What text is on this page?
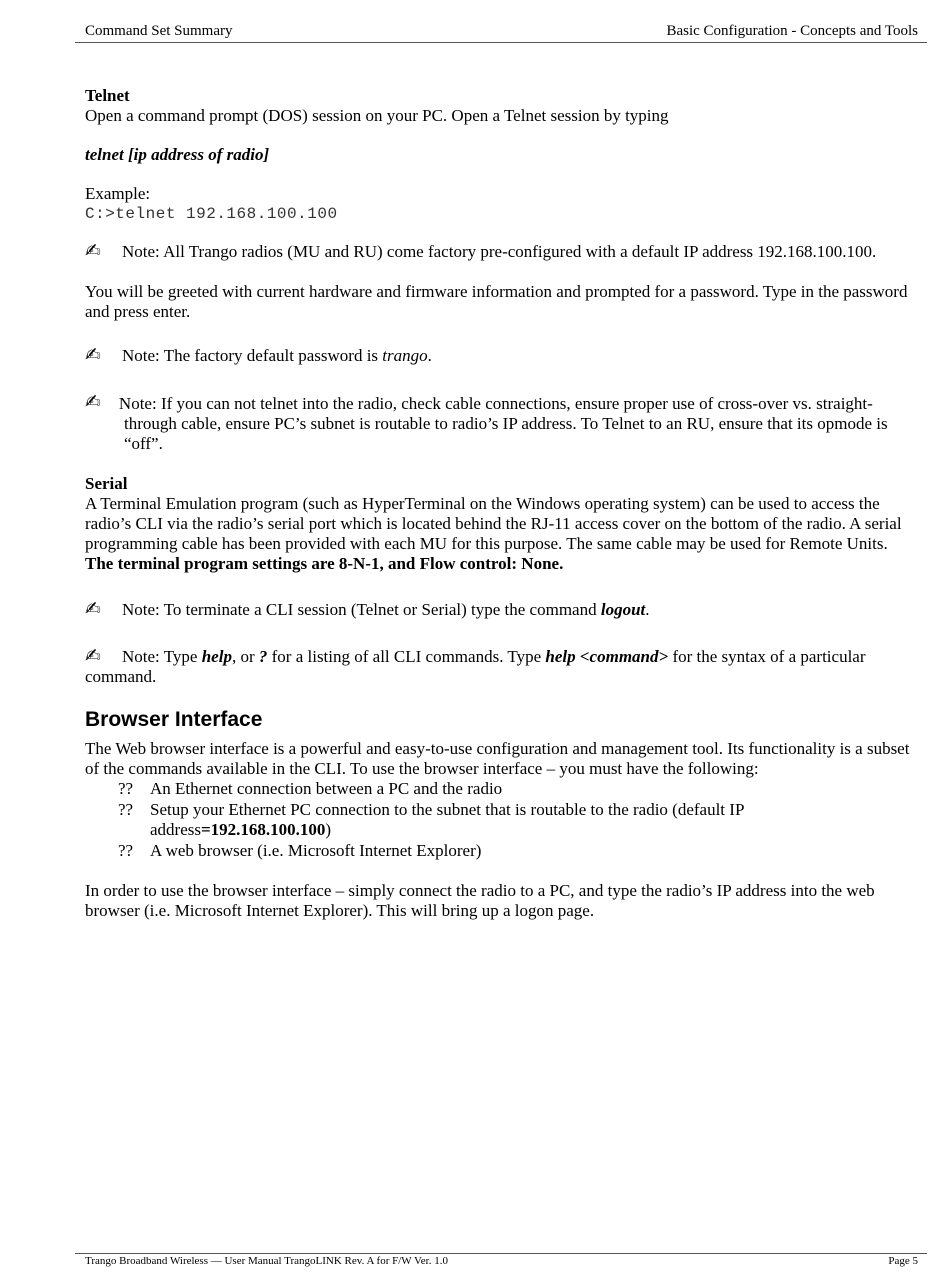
Command Set Summary	Basic Configuration - Concepts and Tools

Telnet

Open a command prompt (DOS) session on your PC. Open a Telnet session by typing

telnet [ip address of radio]

Example:

C:>telnet 192.168.100.100

✍ Note: All Trango radios (MU and RU) come factory pre-configured with a default IP address 192.168.100.100.

You will be greeted with current hardware and firmware information and prompted for a password. Type in the password and press enter.

✍ Note: The factory default password is trango.

✍ Note: If you can not telnet into the radio, check cable connections, ensure proper use of cross-over vs. straight-through cable, ensure PC’s subnet is routable to radio’s IP address. To Telnet to an RU, ensure that its opmode is “off”.

Serial

A Terminal Emulation program (such as HyperTerminal on the Windows operating system) can be used to access the radio’s CLI via the radio’s serial port which is located behind the RJ-11 access cover on the bottom of the radio. A serial programming cable has been provided with each MU for this purpose. The same cable may be used for Remote Units.

The terminal program settings are 8-N-1, and Flow control: None.

✍ Note: To terminate a CLI session (Telnet or Serial) type the command logout.

✍ Note: Type help, or ? for a listing of all CLI commands. Type help <command> for the syntax of a particular command.

Browser Interface

The Web browser interface is a powerful and easy-to-use configuration and management tool. Its functionality is a subset of the commands available in the CLI. To use the browser interface – you must have the following:

?? An Ethernet connection between a PC and the radio

?? Setup your Ethernet PC connection to the subnet that is routable to the radio (default IP address=192.168.100.100)

?? A web browser (i.e. Microsoft Internet Explorer)

In order to use the browser interface – simply connect the radio to a PC, and type the radio’s IP address into the web browser (i.e. Microsoft Internet Explorer). This will bring up a logon page.

Trango Broadband Wireless — User Manual TrangoLINK Rev. A for F/W Ver. 1.0	Page 5
